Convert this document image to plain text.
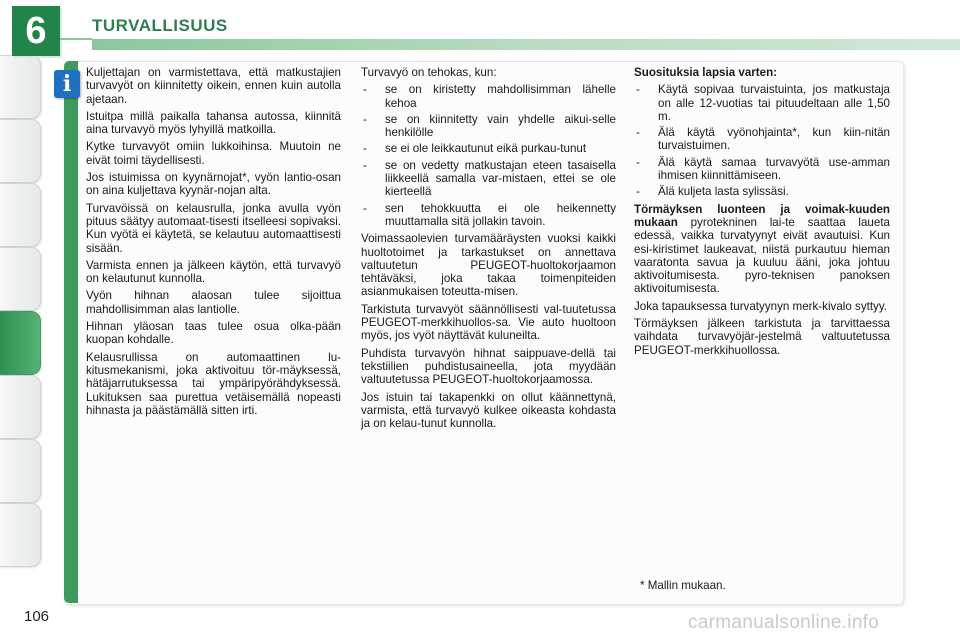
6	TURVALLISUUS
i	Kuljettajan on varmistettava, että matkustajien turvavyöt on kiinnitetty oikein, ennen kuin autolla ajetaan.

Istuitpa millä paikalla tahansa autossa, kiinnitä aina turvavyö myös lyhyillä matkoilla.

Kytke turvavyöt omiin lukkoihinsa. Muutoin ne eivät toimi täydellisesti.

Jos istuimissa on kyynärnojat*, vyön lantio-osan on aina kuljettava kyynär-nojan alta.

Turvavöissä on kelausrulla, jonka avulla vyön pituus säätyy automaat-tisesti itselleesi sopivaksi. Kun vyötä ei käytetä, se kelautuu automaattisesti sisään.

Varmista ennen ja jälkeen käytön, että turvavyö on kelautunut kunnolla.

Vyön hihnan alaosan tulee sijoittua mahdollisimman alas lantiolle.

Hihnan yläosan taas tulee osua olka-pään kuopan kohdalle.

Kelausrullissa on automaattinen lu-kitusmekanismi, joka aktivoituu tör-mäyksessä, hätäjarrutuksessa tai ympäripyörähdyksessä. Lukituksen saa purettua vetäisemällä nopeasti hihnasta ja päästämällä sitten irti.

Turvavyö on tehokas, kun:

- se on kiristetty mahdollisimman lähelle kehoa
- se on kiinnitetty vain yhdelle aikui-selle henkilölle
- se ei ole leikkautunut eikä purkau-tunut
- se on vedetty matkustajan eteen tasaisella liikkeellä samalla var-mistaen, ettei se ole kierteellä
- sen tehokkuutta ei ole heikennetty muuttamalla sitä jollakin tavoin.

Voimassaolevien turvamääräysten vuoksi kaikki huoltotoimet ja tarkastukset on annettava valtuutetun PEUGEOT-huoltokorjaamon tehtäväksi, joka takaa toimenpiteiden asianmukaisen toteutta-misen.

Tarkistuta turvavyöt säännöllisesti val-tuutetussa PEUGEOT-merkkihuollos-sa. Vie auto huoltoon myös, jos vyöt näyttävät kuluneilta.

Puhdista turvavyön hihnat saippuave-dellä tai tekstiilien puhdistusaineella, jota myydään valtuutetussa PEUGEOT-huoltokorjaamossa.

Jos istuin tai takapenkki on ollut käännettynä, varmista, että turvavyö kulkee oikeasta kohdasta ja on kelau-tunut kunnolla.

Suosituksia lapsia varten:

- Käytä sopivaa turvaistuinta, jos matkustaja on alle 12-vuotias tai pituudeltaan alle 1,50 m.
- Älä käytä vyönohjainta*, kun kiin-nitän turvaistuimen.
- Älä käytä samaa turvavyötä use-amman ihmisen kiinnittämiseen.
- Älä kuljeta lasta sylissäsi.

Törmäyksen luonteen ja voimak-kuuden mukaan pyrotekninen lai-te saattaa laueta edessä, vaikka turvatyynyt eivät avautuisi. Kun esi-kiristimet laukeavat, niistä purkautuu hieman vaaratonta savua ja kuuluu ääni, joka johtuu aktivoitumisesta. pyro-teknisen panoksen aktivoitumisesta.

Joka tapauksessa turvatyynyn merk-kivalo syttyy.

Törmäyksen jälkeen tarkistuta ja tarvittaessa vaihdata turvavyöjär-jestelmä valtuutetussa PEUGEOT-merkkihuollossa.

* Mallin mukaan.
106	carmanualsonline.info
